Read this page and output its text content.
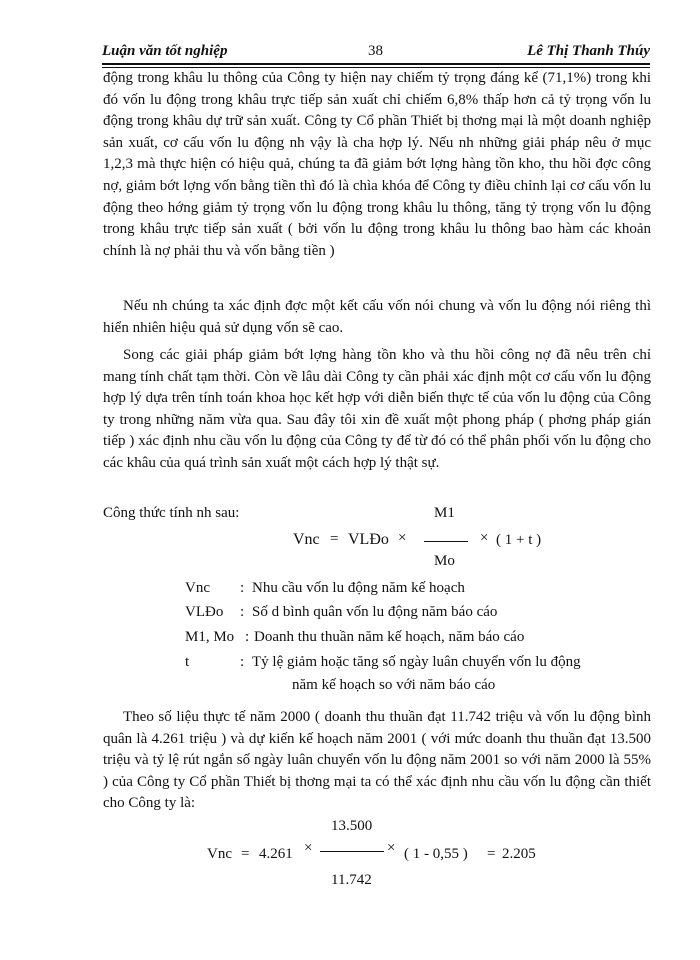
Luận văn tốt nghiệp	38	Lê Thị Thanh Thúy

động trong khâu lu thông của Công ty hiện nay chiếm tỷ trọng đáng kể (71,1%) trong khi đó vốn lu động trong khâu trực tiếp sản xuất chỉ chiếm 6,8% thấp hơn cả tỷ trọng vốn lu động trong khâu dự trữ sản xuất. Công ty Cổ phần Thiết bị thơng mại là một doanh nghiệp sản xuất, cơ cấu vốn lu động nh vậy là cha hợp lý. Nếu nh những giải pháp nêu ở mục 1,2,3 mà thực hiện có hiệu quả, chúng ta đã giảm bớt lợng hàng tồn kho, thu hồi đợc công nợ, giảm bớt lợng vốn bằng tiền thì đó là chìa khóa để Công ty điều chỉnh lại cơ cấu vốn lu động theo hớng giảm tỷ trọng vốn lu động trong khâu lu thông, tăng tỷ trọng vốn lu động trong khâu trực tiếp sản xuất ( bởi vốn lu động trong khâu lu thông bao hàm các khoản chính là nợ phải thu và vốn bằng tiền )

Nếu nh chúng ta xác định đợc một kết cấu vốn nói chung và vốn lu động nói riêng thì hiển nhiên hiệu quả sử dụng vốn sẽ cao.

Song các giải pháp giảm bớt lợng hàng tồn kho và thu hồi công nợ đã nêu trên chỉ mang tính chất tạm thời. Còn về lâu dài Công ty cần phải xác định một cơ cấu vốn lu động hợp lý dựa trên tính toán khoa học kết hợp với diễn biến thực tế của vốn lu động của Công ty trong những năm vừa qua. Sau đây tôi xin đề xuất một phong pháp ( phơng pháp gián tiếp ) xác định nhu cầu vốn lu động của Công ty để từ đó có thể phân phối vốn lu động cho các khâu của quá trình sản xuất một cách hợp lý thật sự.

Công thức tính nh sau:
Vnc = VLĐo ×
M1
Mo
× ( 1 + t )
Vnc : Nhu cầu vốn lu động năm kế hoạch
VLĐo : Số d bình quân vốn lu động năm báo cáo
M1, Mo : Doanh thu thuần năm kế hoạch, năm báo cáo
t	: Tỷ lệ giảm hoặc tăng số ngày luân chuyển vốn lu động
năm kế hoạch so với năm báo cáo

Theo số liệu thực tế năm 2000 ( doanh thu thuần đạt 11.742 triệu và vốn lu động bình quân là 4.261 triệu ) và dự kiến kế hoạch năm 2001 ( với mức doanh thu thuần đạt 13.500 triệu và tỷ lệ rút ngắn số ngày luân chuyển vốn lu động năm 2001 so với năm 2000 là 55% ) của Công ty Cổ phần Thiết bị thơng mại ta có thể xác định nhu cầu vốn lu động cần thiết cho Công ty là:

13.500
11.742
Vnc = 4.261 ×	× ( 1 - 0,55 ) = 2.205
